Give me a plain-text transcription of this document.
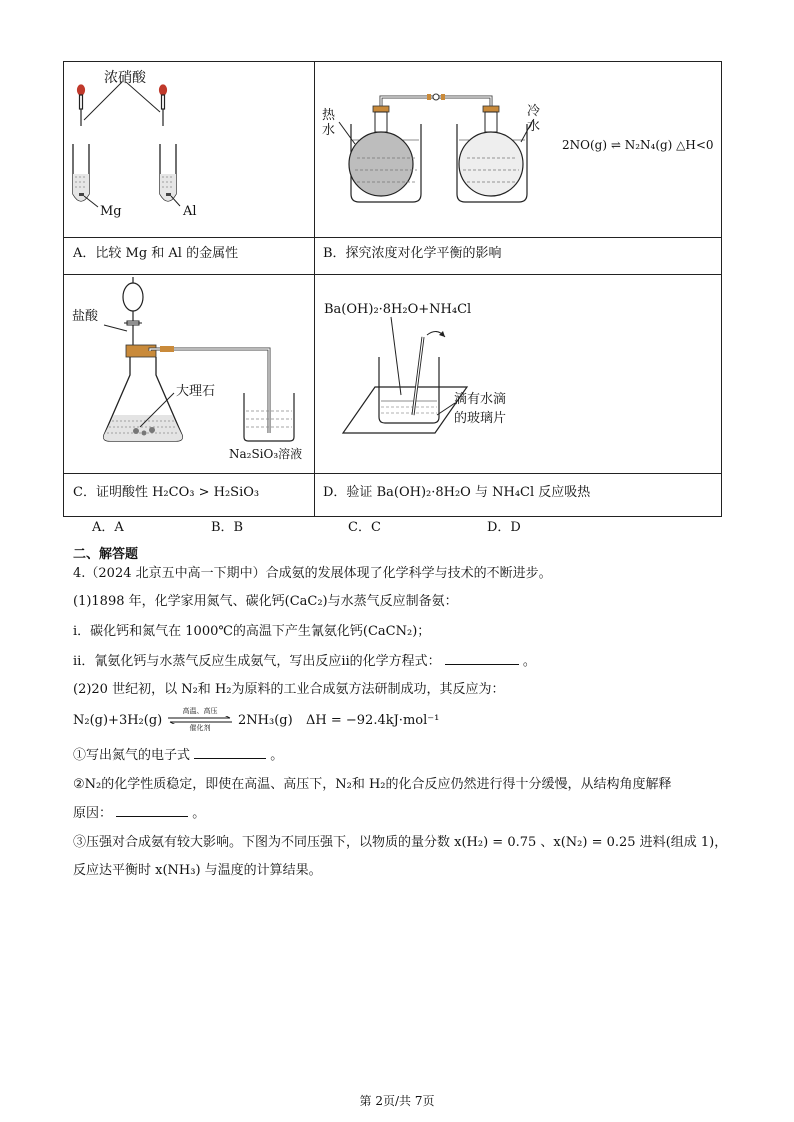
浓硝酸
Mg	Al
热水
冷水
2NO(g) ⇌ N₂N₄(g) △H<0
A．比较 Mg 和 Al 的金属性	B．探究浓度对化学平衡的影响
盐酸
大理石
Na₂SiO₃溶液
Ba(OH)₂·8H₂O+NH₄Cl
滴有水滴
的玻璃片
C．证明酸性 H₂CO₃ > H₂SiO₃	D．验证 Ba(OH)₂·8H₂O 与 NH₄Cl 反应吸热
A．A	B．B	C．C	D．D
二、解答题
4.（2024 北京五中高一下期中）合成氨的发展体现了化学科学与技术的不断进步。
(1)1898 年，化学家用氮气、碳化钙(CaC₂)与水蒸气反应制备氨：
ⅰ．碳化钙和氮气在 1000℃的高温下产生氰氨化钙(CaCN₂)；
ⅱ．氰氨化钙与水蒸气反应生成氨气，写出反应ⅱ的化学方程式：	。
(2)20 世纪初，以 N₂和 H₂为原料的工业合成氨方法研制成功，其反应为：
N₂(g)+3H₂(g)
高温、高压
催化剂	2NH₃(g) ΔH = −92.4kJ·mol⁻¹
①写出氮气的电子式	。
②N₂的化学性质稳定，即使在高温、高压下，N₂和 H₂的化合反应仍然进行得十分缓慢，从结构角度解释
原因：	。
③压强对合成氨有较大影响。下图为不同压强下，以物质的量分数 x(H₂) = 0.75 、x(N₂) = 0.25 进料(组成 1)，
反应达平衡时 x(NH₃) 与温度的计算结果。
第 2页/共 7页
